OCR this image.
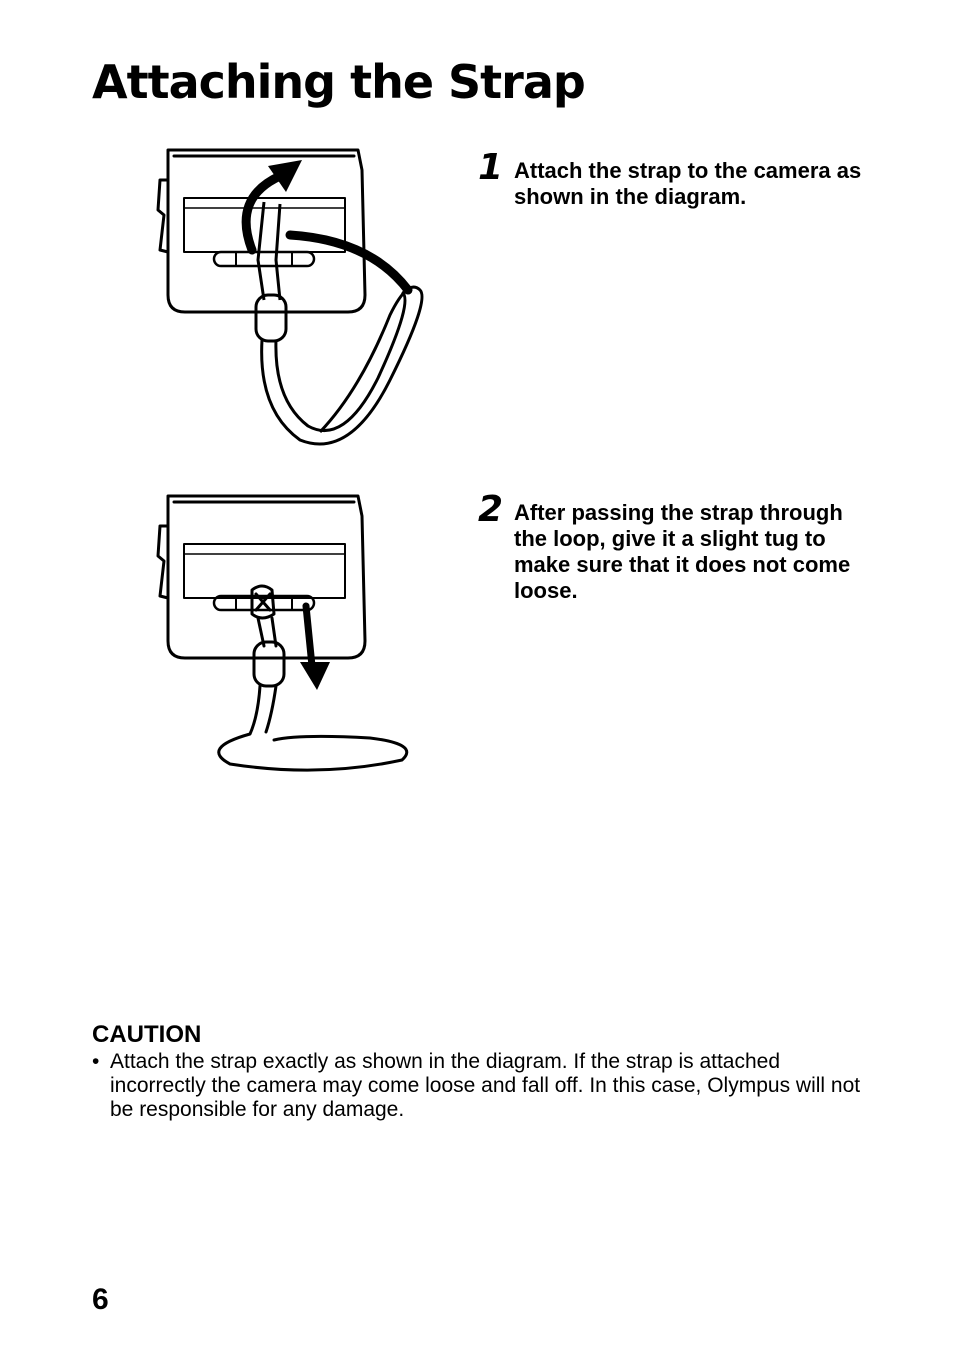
Attaching the Strap
1 Attach the strap to the camera as shown in the diagram.
2 After passing the strap through the loop, give it a slight tug to make sure that it does not come loose.

CAUTION

• Attach the strap exactly as shown in the diagram. If the strap is attached incorrectly the camera may come loose and fall off. In this case, Olympus will not be responsible for any damage.

6
